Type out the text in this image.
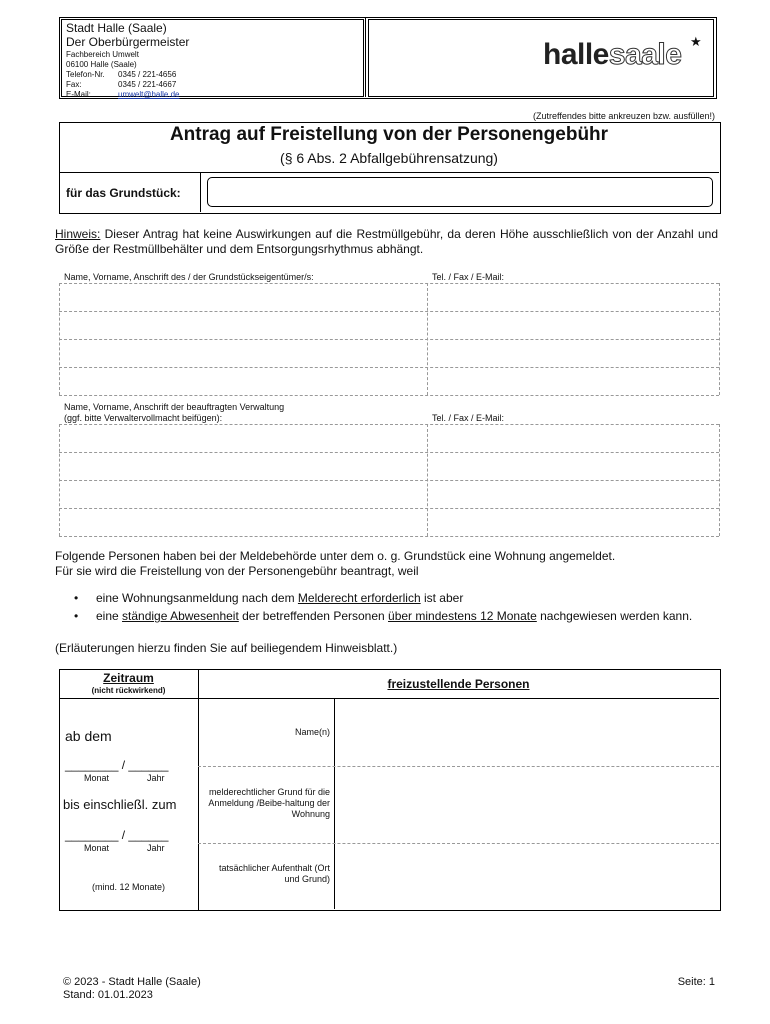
Stadt Halle (Saale)
Der Oberbürgermeister
Fachbereich Umwelt
06100 Halle (Saale)
Telefon-Nr. 0345 / 221-4656
Fax:	0345 / 221-4667
E-Mail:	umwelt@halle.de
hallesaale ★
(Zutreffendes bitte ankreuzen bzw. ausfüllen!)
Antrag auf Freistellung von der Personengebühr
(§ 6 Abs. 2 Abfallgebührensatzung)
für das Grundstück:
Hinweis: Dieser Antrag hat keine Auswirkungen auf die Restmüllgebühr, da deren Höhe ausschließlich von der Anzahl und Größe der Restmüllbehälter und dem Entsorgungsrhythmus abhängt.
Name, Vorname, Anschrift des / der Grundstückseigentümer/s:	Tel. / Fax / E-Mail:
Name, Vorname, Anschrift der beauftragten Verwaltung
(ggf. bitte Verwaltervollmacht beifügen):	Tel. / Fax / E-Mail:
Folgende Personen haben bei der Meldebehörde unter dem o. g. Grundstück eine Wohnung angemeldet.
Für sie wird die Freistellung von der Personengebühr beantragt, weil
• eine Wohnungsanmeldung nach dem Melderecht erforderlich ist aber
• eine ständige Abwesenheit der betreffenden Personen über mindestens 12 Monate nachgewiesen werden kann.
(Erläuterungen hierzu finden Sie auf beiliegendem Hinweisblatt.)
Zeitraum
(nicht rückwirkend)	freizustellende Personen
ab dem
________ / ______
Monat	Jahr
bis einschließl. zum
________ / ______
Monat	Jahr
(mind. 12 Monate)
Name(n)
melderechtlicher Grund für die Anmeldung /Beibe-haltung der Wohnung
tatsächlicher Aufenthalt (Ort und Grund)
© 2023 - Stadt Halle (Saale)
Stand: 01.01.2023
Seite: 1
